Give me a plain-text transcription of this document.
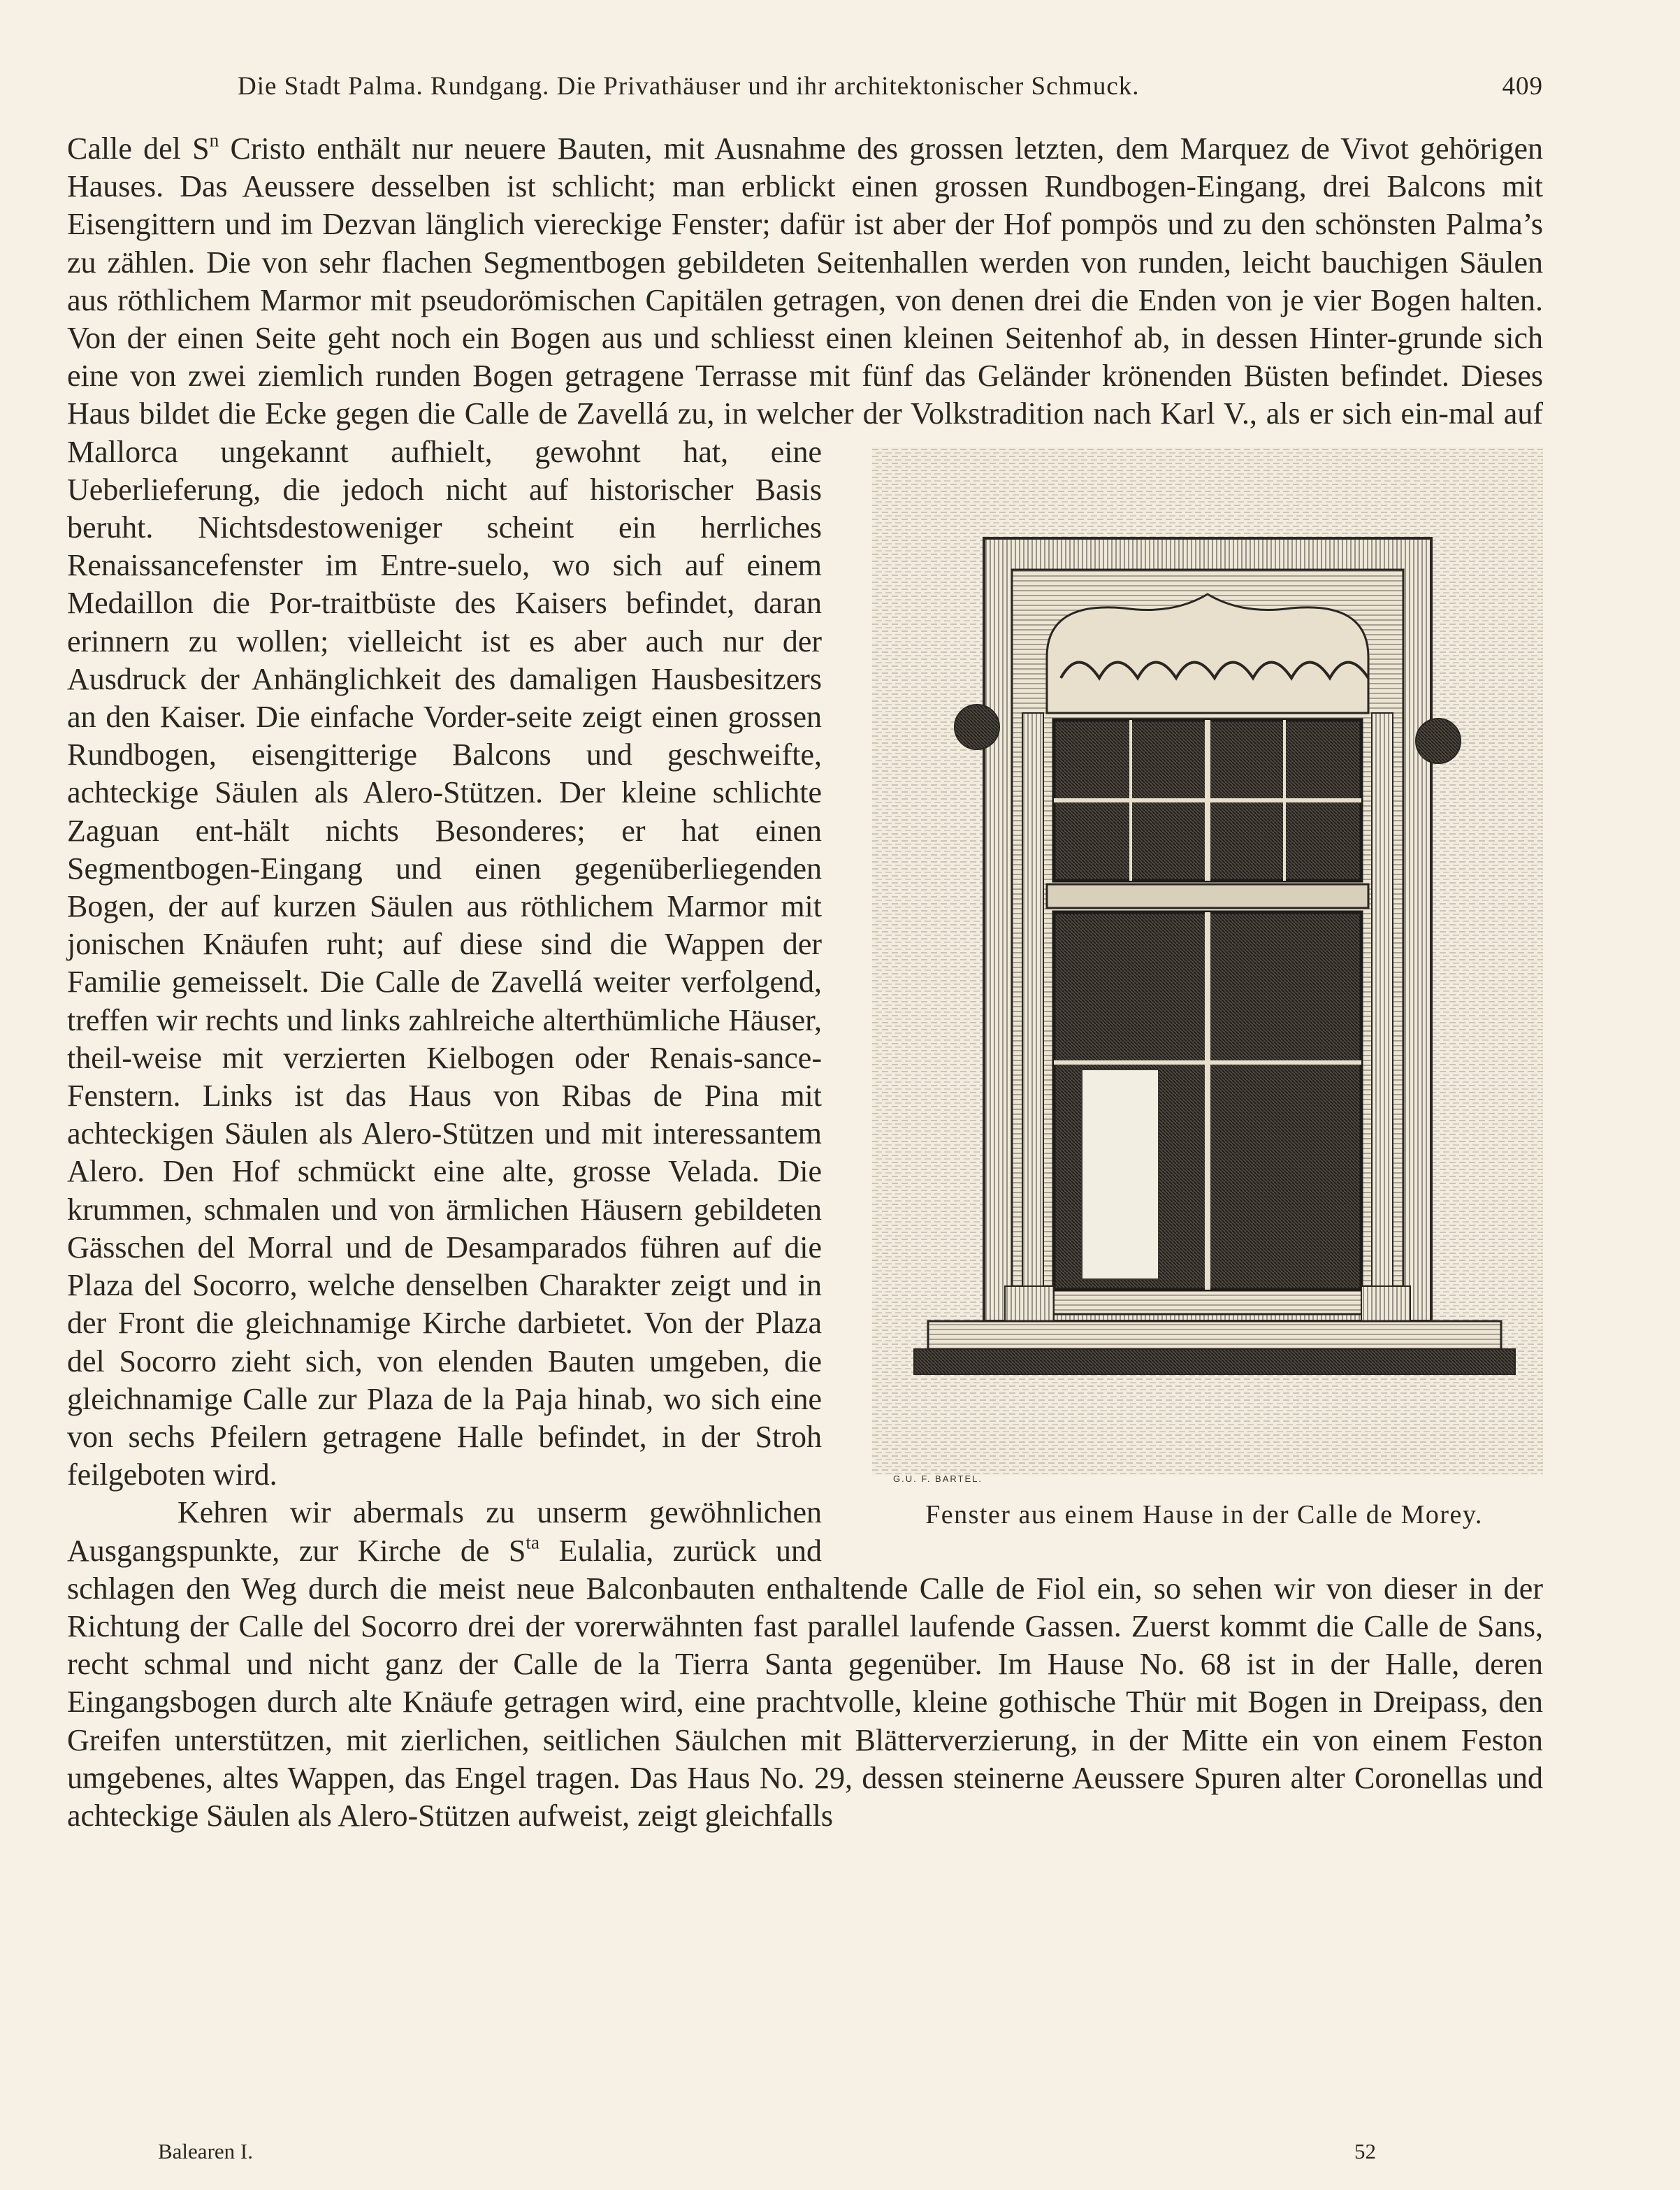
Die Stadt Palma. Rundgang. Die Privathäuser und ihr architektonischer Schmuck.	409

Calle del $S^n$ Cristo enthält nur neuere Bauten, mit Ausnahme des grossen letzten, dem Marquez de Vivot gehörigen Hauses. Das Aeussere desselben ist schlicht; man erblickt einen grossen Rundbogen-Eingang, drei Balcons mit Eisengittern und im Dezvan länglich viereckige Fenster; dafür ist aber der Hof pompös und zu den schönsten Palma’s zu zählen. Die von sehr flachen Segmentbogen gebildeten Seitenhallen werden von runden, leicht bauchigen Säulen aus röthlichem Marmor mit pseudorömischen Capitälen getragen, von denen drei die Enden von je vier Bogen halten. Von der einen Seite geht noch ein Bogen aus und schliesst einen kleinen Seitenhof ab, in dessen Hinter-grunde sich eine von zwei ziemlich runden Bogen getragene Terrasse mit fünf das Geländer krönenden Büsten befindet. Dieses Haus bildet die Ecke gegen die Calle de Zavellá zu, in welcher
G.U. F. BARTEL.
Fenster aus einem Hause in der Calle de Morey.
der Volkstradition nach Karl V., als er sich ein-mal auf Mallorca ungekannt aufhielt, gewohnt hat, eine Ueberlieferung, die jedoch nicht auf historischer Basis beruht. Nichtsdestoweniger scheint ein herrliches Renaissancefenster im Entre-suelo, wo sich auf einem Medaillon die Por-traitbüste des Kaisers befindet, daran erinnern zu wollen; vielleicht ist es aber auch nur der Ausdruck der Anhänglichkeit des damaligen Hausbesitzers an den Kaiser. Die einfache Vorder-seite zeigt einen grossen Rundbogen, eisengitterige Balcons und geschweifte, achteckige Säulen als Alero-Stützen. Der kleine schlichte Zaguan ent-hält nichts Besonderes; er hat einen Segmentbogen-Eingang und einen gegenüberliegenden Bogen, der auf kurzen Säulen aus röthlichem Marmor mit jonischen Knäufen ruht; auf diese sind die Wappen der Familie gemeisselt. Die Calle de Zavellá weiter verfolgend, treffen wir rechts und links zahlreiche alterthümliche Häuser, theil-weise mit verzierten Kielbogen oder Renais-sance-Fenstern. Links ist das Haus von Ribas de Pina mit achteckigen Säulen als Alero-Stützen und mit interessantem Alero. Den Hof schmückt eine alte, grosse Velada. Die krummen, schmalen und von ärmlichen Häusern gebildeten Gässchen del Morral und de Desamparados führen auf die Plaza del Socorro, welche denselben Charakter zeigt und in der Front die gleichnamige Kirche darbietet. Von der Plaza del Socorro zieht sich, von elenden Bauten umgeben, die gleichnamige Calle zur Plaza de la Paja hinab, wo sich eine von sechs Pfeilern getragene Halle befindet, in der Stroh feilgeboten wird.

Kehren wir abermals zu unserm gewöhnlichen Ausgangspunkte, zur Kirche de $S^{ta}$ Eulalia, zurück und schlagen den Weg durch die meist neue Balconbauten enthaltende Calle de Fiol ein, so sehen wir von dieser in der Richtung der Calle del Socorro drei der vorerwähnten fast parallel laufende Gassen. Zuerst kommt die Calle de Sans, recht schmal und nicht ganz der Calle de la Tierra Santa gegenüber. Im Hause No. 68 ist in der Halle, deren Eingangsbogen durch alte Knäufe getragen wird, eine prachtvolle, kleine gothische Thür mit Bogen in Dreipass, den Greifen unterstützen, mit zierlichen, seitlichen Säulchen mit Blätterverzierung, in der Mitte ein von einem Feston umgebenes, altes Wappen, das Engel tragen. Das Haus No. 29, dessen steinerne Aeussere Spuren alter Coronellas und achteckige Säulen als Alero-Stützen aufweist, zeigt gleichfalls

Balearen I.	52
